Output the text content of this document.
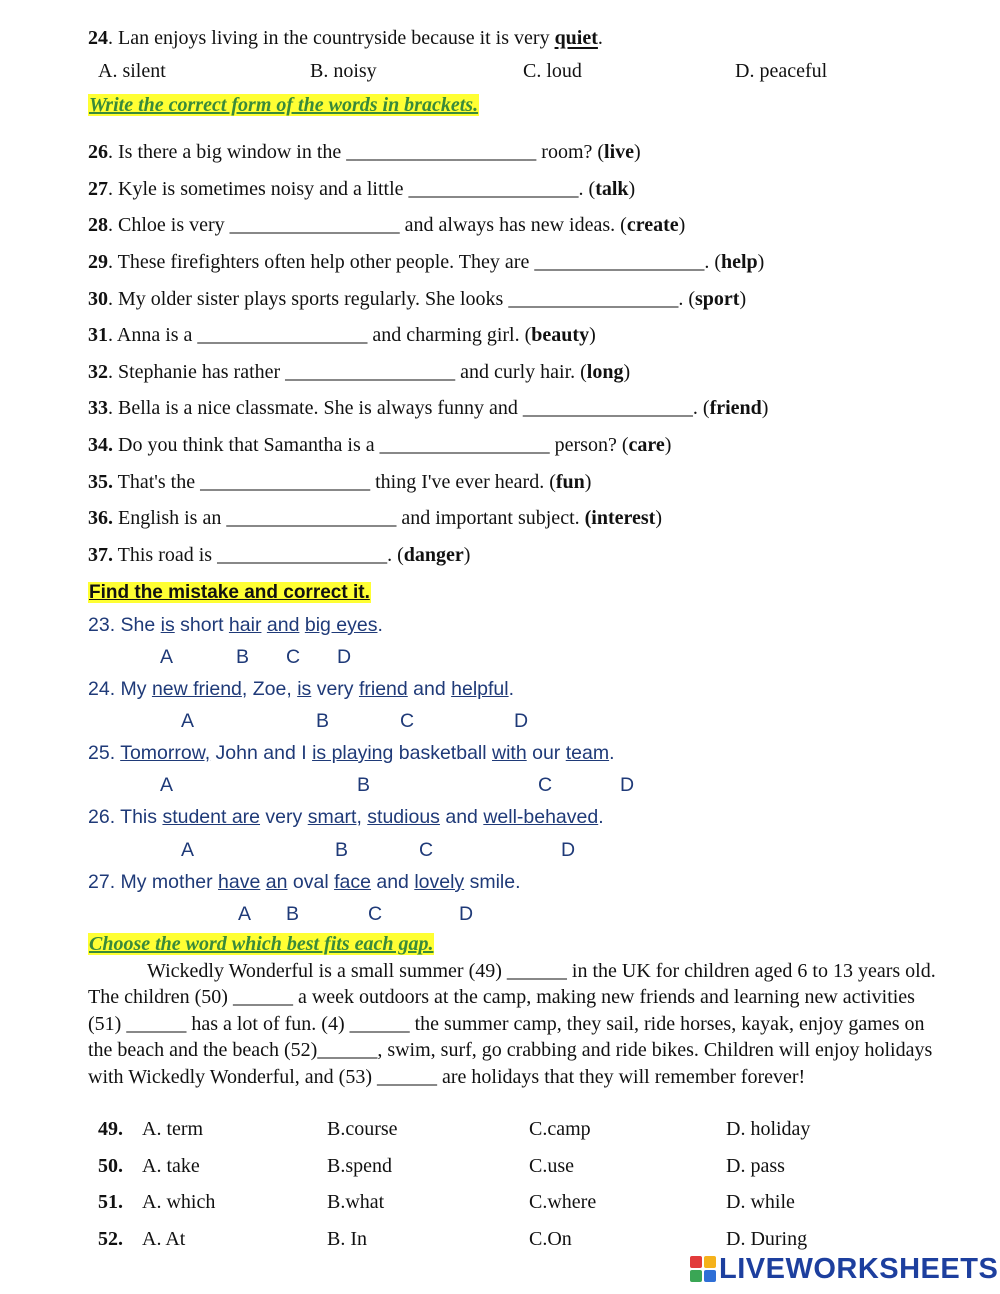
24. Lan enjoys living in the countryside because it is very quiet.
A. silent	B. noisy	C. loud	D. peaceful
Write the correct form of the words in brackets.
26. Is there a big window in the ___________________ room? (live)
27. Kyle is sometimes noisy and a little _________________. (talk)
28. Chloe is very _________________ and always has new ideas. (create)
29. These firefighters often help other people. They are _________________. (help)
30. My older sister plays sports regularly. She looks _________________. (sport)
31. Anna is a _________________ and charming girl. (beauty)
32. Stephanie has rather _________________ and curly hair. (long)
33. Bella is a nice classmate. She is always funny and _________________. (friend)
34. Do you think that Samantha is a _________________ person? (care)
35. That's the _________________ thing I've ever heard. (fun)
36. English is an _________________ and important subject. (interest)
37. This road is _________________. (danger)
Find the mistake and correct it.
23. She is short hair and big eyes.
A	B C D
24. My new friend, Zoe, is very friend and helpful.
A	B	C	D
25. Tomorrow, John and I is playing basketball with our team.
A	B	C	D
26. This student are very smart, studious and well-behaved.
A	B	C	D
27. My mother have an oval face and lovely smile.
A B	C	D
Choose the word which best fits each gap.
Wickedly Wonderful is a small summer (49) ______ in the UK for children aged 6 to 13 years old. The children (50) ______ a week outdoors at the camp, making new friends and learning new activities (51) ______ has a lot of fun. (4) ______ the summer camp, they sail, ride horses, kayak, enjoy games on the beach and the beach (52)______, swim, surf, go crabbing and ride bikes. Children will enjoy holidays with Wickedly Wonderful, and (53) ______ are holidays that they will remember forever!
49. A. term	B.course	C.camp	D. holiday
50. A. take	B.spend	C.use	D. pass
51. A. which	B.what	C.where	D. while
52. A. At	B. In	C.On	D. During
LIVEWORKSHEETS
